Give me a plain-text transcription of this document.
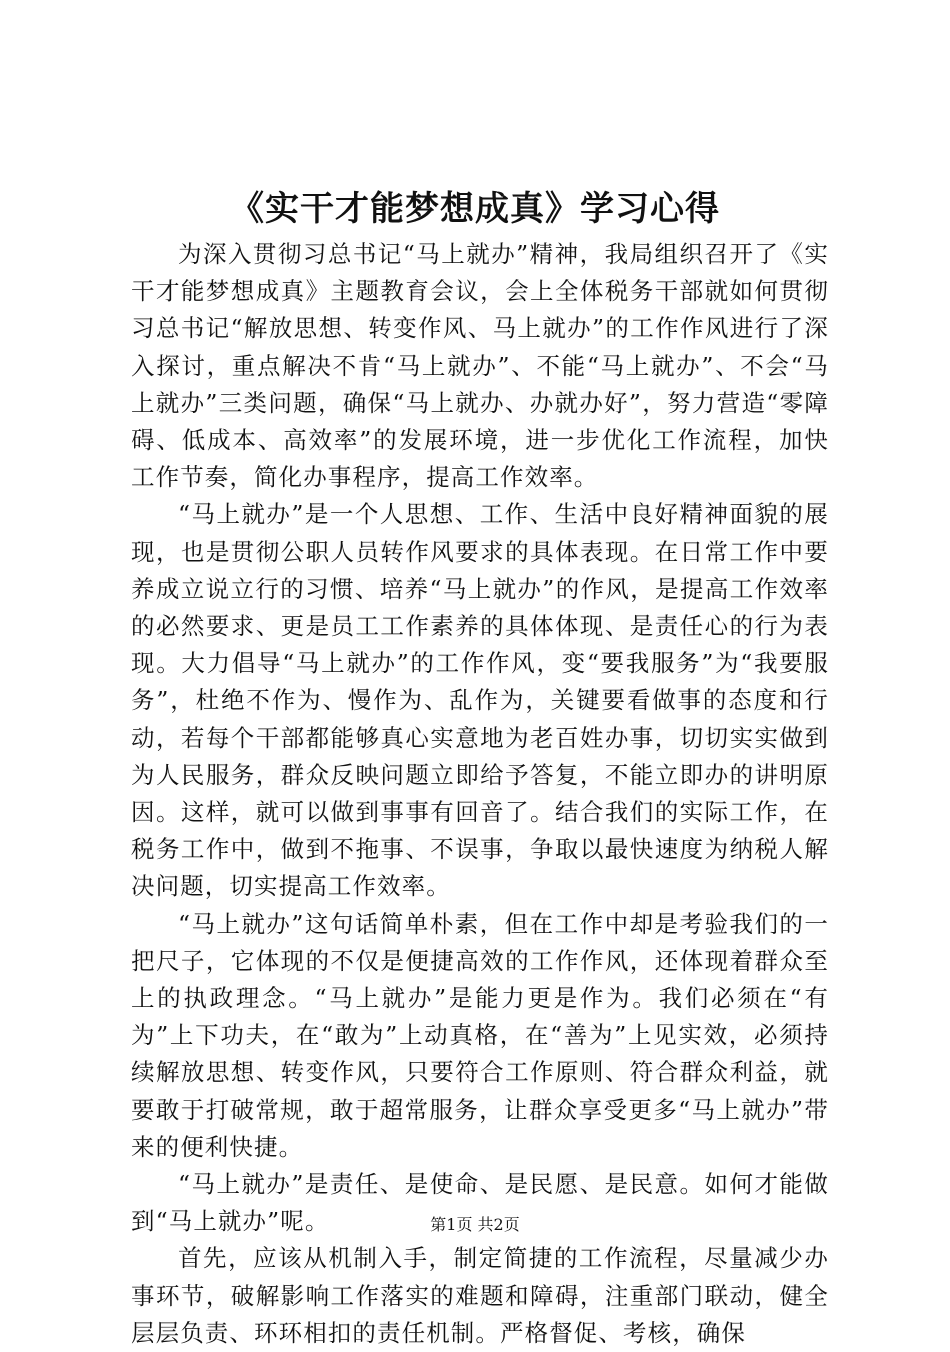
《实干才能梦想成真》学习心得

为深入贯彻习总书记“马上就办”精神，我局组织召开了《实干才能梦想成真》主题教育会议，会上全体税务干部就如何贯彻习总书记“解放思想、转变作风、马上就办”的工作作风进行了深入探讨，重点解决不肯“马上就办”、不能“马上就办”、不会“马上就办”三类问题，确保“马上就办、办就办好”，努力营造“零障碍、低成本、高效率”的发展环境，进一步优化工作流程，加快工作节奏，简化办事程序，提高工作效率。

“马上就办”是一个人思想、工作、生活中良好精神面貌的展现，也是贯彻公职人员转作风要求的具体表现。在日常工作中要养成立说立行的习惯、培养“马上就办”的作风，是提高工作效率的必然要求、更是员工工作素养的具体体现、是责任心的行为表现。大力倡导“马上就办”的工作作风，变“要我服务”为“我要服务”，杜绝不作为、慢作为、乱作为，关键要看做事的态度和行动，若每个干部都能够真心实意地为老百姓办事，切切实实做到为人民服务，群众反映问题立即给予答复，不能立即办的讲明原因。这样，就可以做到事事有回音了。结合我们的实际工作，在税务工作中，做到不拖事、不误事，争取以最快速度为纳税人解决问题，切实提高工作效率。

“马上就办”这句话简单朴素，但在工作中却是考验我们的一把尺子，它体现的不仅是便捷高效的工作作风，还体现着群众至上的执政理念。“马上就办”是能力更是作为。我们必须在“有为”上下功夫，在“敢为”上动真格，在“善为”上见实效，必须持续解放思想、转变作风，只要符合工作原则、符合群众利益，就要敢于打破常规，敢于超常服务，让群众享受更多“马上就办”带来的便利快捷。

“马上就办”是责任、是使命、是民愿、是民意。如何才能做到“马上就办”呢。

首先，应该从机制入手，制定简捷的工作流程，尽量减少办事环节，破解影响工作落实的难题和障碍，注重部门联动，健全层层负责、环环相扣的责任机制。严格督促、考核，确保

第1页 共2页
